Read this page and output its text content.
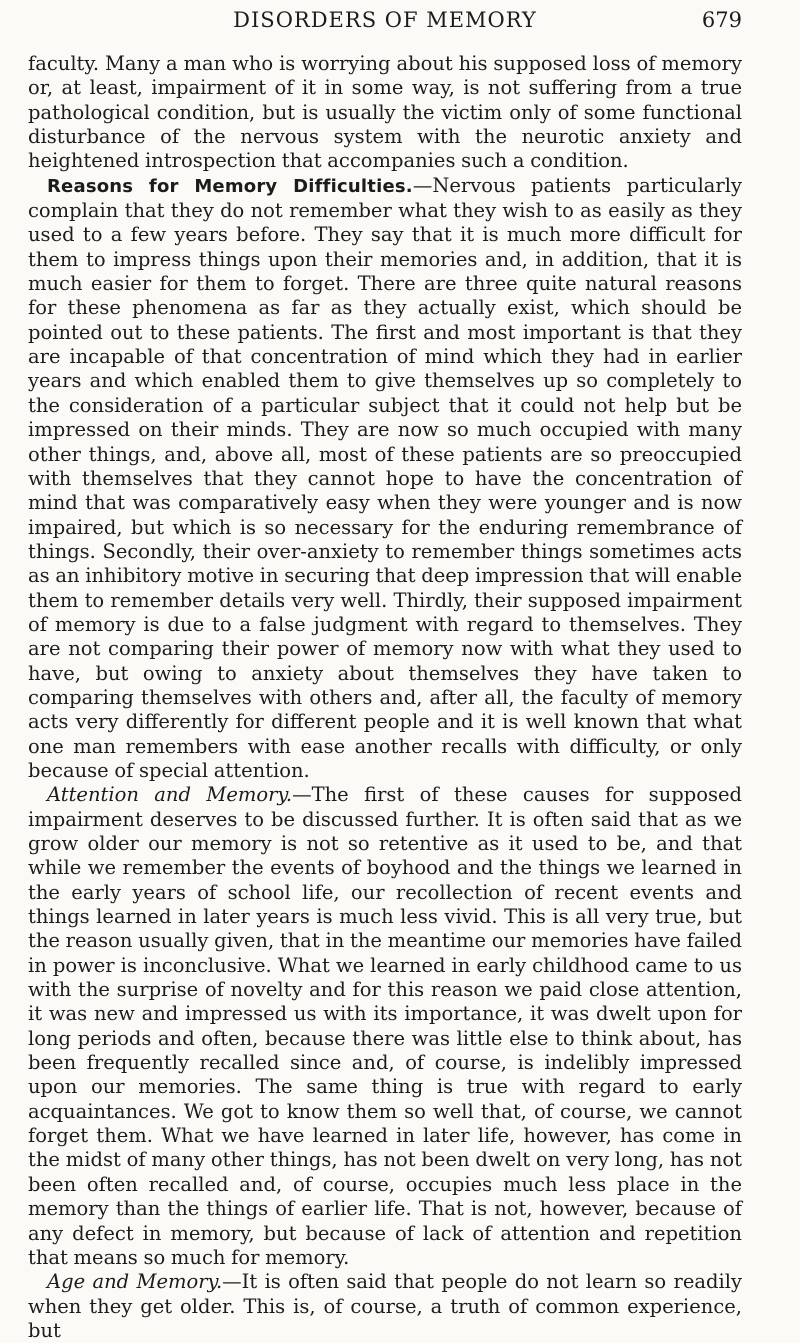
DISORDERS OF MEMORY	679

faculty. Many a man who is worrying about his supposed loss of memory or, at least, impairment of it in some way, is not suffering from a true pathological condition, but is usually the victim only of some functional disturbance of the nervous system with the neurotic anxiety and heightened introspection that accompanies such a condition.

Reasons for Memory Difficulties.—Nervous patients particularly complain that they do not remember what they wish to as easily as they used to a few years before. They say that it is much more difficult for them to impress things upon their memories and, in addition, that it is much easier for them to forget. There are three quite natural reasons for these phenomena as far as they actually exist, which should be pointed out to these patients. The first and most important is that they are incapable of that concentration of mind which they had in earlier years and which enabled them to give themselves up so completely to the consideration of a particular subject that it could not help but be impressed on their minds. They are now so much occupied with many other things, and, above all, most of these patients are so preoccupied with themselves that they cannot hope to have the concentration of mind that was comparatively easy when they were younger and is now impaired, but which is so necessary for the enduring remembrance of things. Secondly, their over-anxiety to remember things sometimes acts as an inhibitory motive in securing that deep impression that will enable them to remember details very well. Thirdly, their supposed impairment of memory is due to a false judgment with regard to themselves. They are not comparing their power of memory now with what they used to have, but owing to anxiety about themselves they have taken to comparing themselves with others and, after all, the faculty of memory acts very differently for different people and it is well known that what one man remembers with ease another recalls with difficulty, or only because of special attention.

Attention and Memory.—The first of these causes for supposed impairment deserves to be discussed further. It is often said that as we grow older our memory is not so retentive as it used to be, and that while we remember the events of boyhood and the things we learned in the early years of school life, our recollection of recent events and things learned in later years is much less vivid. This is all very true, but the reason usually given, that in the meantime our memories have failed in power is inconclusive. What we learned in early childhood came to us with the surprise of novelty and for this reason we paid close attention, it was new and impressed us with its importance, it was dwelt upon for long periods and often, because there was little else to think about, has been frequently recalled since and, of course, is indelibly impressed upon our memories. The same thing is true with regard to early acquaintances. We got to know them so well that, of course, we cannot forget them. What we have learned in later life, however, has come in the midst of many other things, has not been dwelt on very long, has not been often recalled and, of course, occupies much less place in the memory than the things of earlier life. That is not, however, because of any defect in memory, but because of lack of attention and repetition that means so much for memory.

Age and Memory.—It is often said that people do not learn so readily when they get older. This is, of course, a truth of common experience, but
